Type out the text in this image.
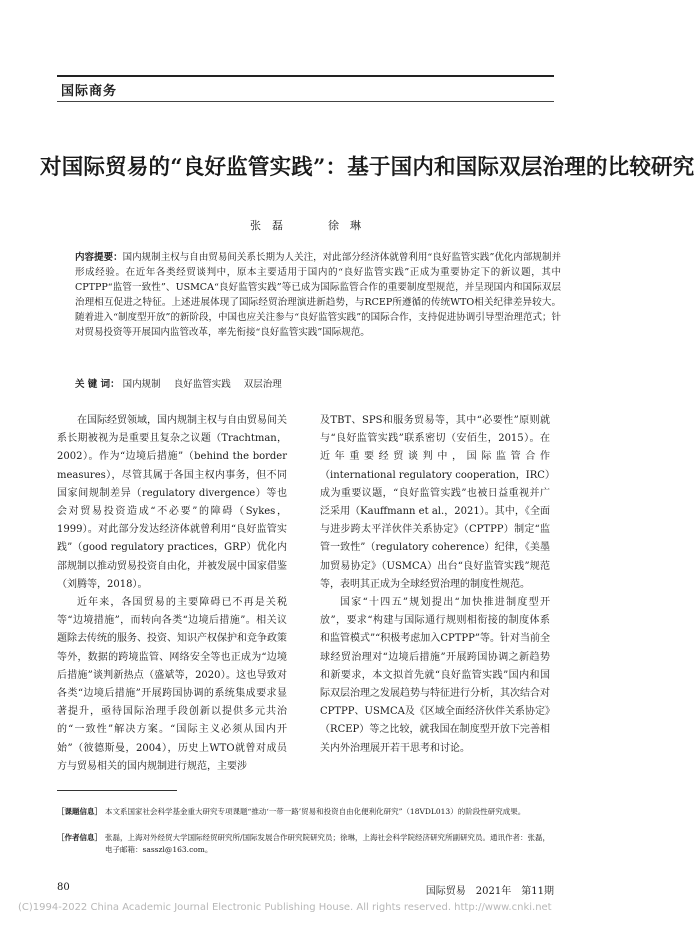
国际商务
对国际贸易的“良好监管实践”：基于国内和国际双层治理的比较研究
张　磊	徐　琳
内容提要：国内规制主权与自由贸易间关系长期为人关注，对此部分经济体就曾利用“良好监管实践”优化内部规制并形成经验。在近年各类经贸谈判中，原本主要适用于国内的“良好监管实践”正成为重要协定下的新议题，其中CPTPP“监管一致性”、USMCA“良好监管实践”等已成为国际监管合作的重要制度型规范，并呈现国内和国际双层治理相互促进之特征。上述进展体现了国际经贸治理演进新趋势，与RCEP所遵循的传统WTO相关纪律差异较大。随着进入“制度型开放”的新阶段，中国也应关注参与“良好监管实践”的国际合作，支持促进协调引导型治理范式；针对贸易投资等开展国内监管改革，率先衔接“良好监管实践”国际规范。
关 键 词： 国内规制 良好监管实践 双层治理

在国际经贸领域，国内规制主权与自由贸易间关系长期被视为是重要且复杂之议题（Trachtman，2002）。作为“边境后措施”（behind the border measures），尽管其属于各国主权内事务，但不同国家间规制差异（regulatory divergence）等也会对贸易投资造成“不必要”的障碍（Sykes，1999）。对此部分发达经济体就曾利用“良好监管实践”（good regulatory practices，GRP）优化内部规制以推动贸易投资自由化，并被发展中国家借鉴（刘腾等，2018）。

近年来，各国贸易的主要障碍已不再是关税等“边境措施”，而转向各类“边境后措施”。相关议题除去传统的服务、投资、知识产权保护和竞争政策等外，数据的跨境监管、网络安全等也正成为“边境后措施”谈判新热点（盛斌等，2020）。这也导致对各类“边境后措施”开展跨国协调的系统集成要求显著提升，亟待国际治理手段创新以提供多元共治的“一致性”解决方案。“国际主义必须从国内开始”（彼德斯曼，2004），历史上WTO就曾对成员方与贸易相关的国内规制进行规范，主要涉

及TBT、SPS和服务贸易等，其中“必要性”原则就与“良好监管实践”联系密切（安佰生，2015）。在近年重要经贸谈判中，国际监管合作（international regulatory cooperation，IRC）成为重要议题，“良好监管实践”也被日益重视并广泛采用（Kauffmann et al.，2021）。其中，《全面与进步跨太平洋伙伴关系协定》（CPTPP）制定“监管一致性”（regulatory coherence）纪律，《美墨加贸易协定》（USMCA）出台“良好监管实践”规范等，表明其正成为全球经贸治理的制度性规范。

国家“十四五”规划提出“加快推进制度型开放”，要求“构建与国际通行规则相衔接的制度体系和监管模式”“积极考虑加入CPTPP”等。针对当前全球经贸治理对“边境后措施”开展跨国协调之新趋势和新要求，本文拟首先就“良好监管实践”国内和国际双层治理之发展趋势与特征进行分析，其次结合对CPTPP、USMCA及《区域全面经济伙伴关系协定》（RCEP）等之比较，就我国在制度型开放下完善相关内外治理展开若干思考和讨论。

［课题信息］ 本文系国家社会科学基金重大研究专项课题“推动‘一带一路’贸易和投资自由化便利化研究”（18VDL013）的阶段性研究成果。
［作者信息］ 张磊，上海对外经贸大学国际经贸研究所/国际发展合作研究院研究员；徐琳，上海社会科学院经济研究所副研究员。通讯作者：张磊，电子邮箱：sasszl@163.com。
80	国际贸易　2021年　第11期
(C)1994-2022 China Academic Journal Electronic Publishing House. All rights reserved. http://www.cnki.net
